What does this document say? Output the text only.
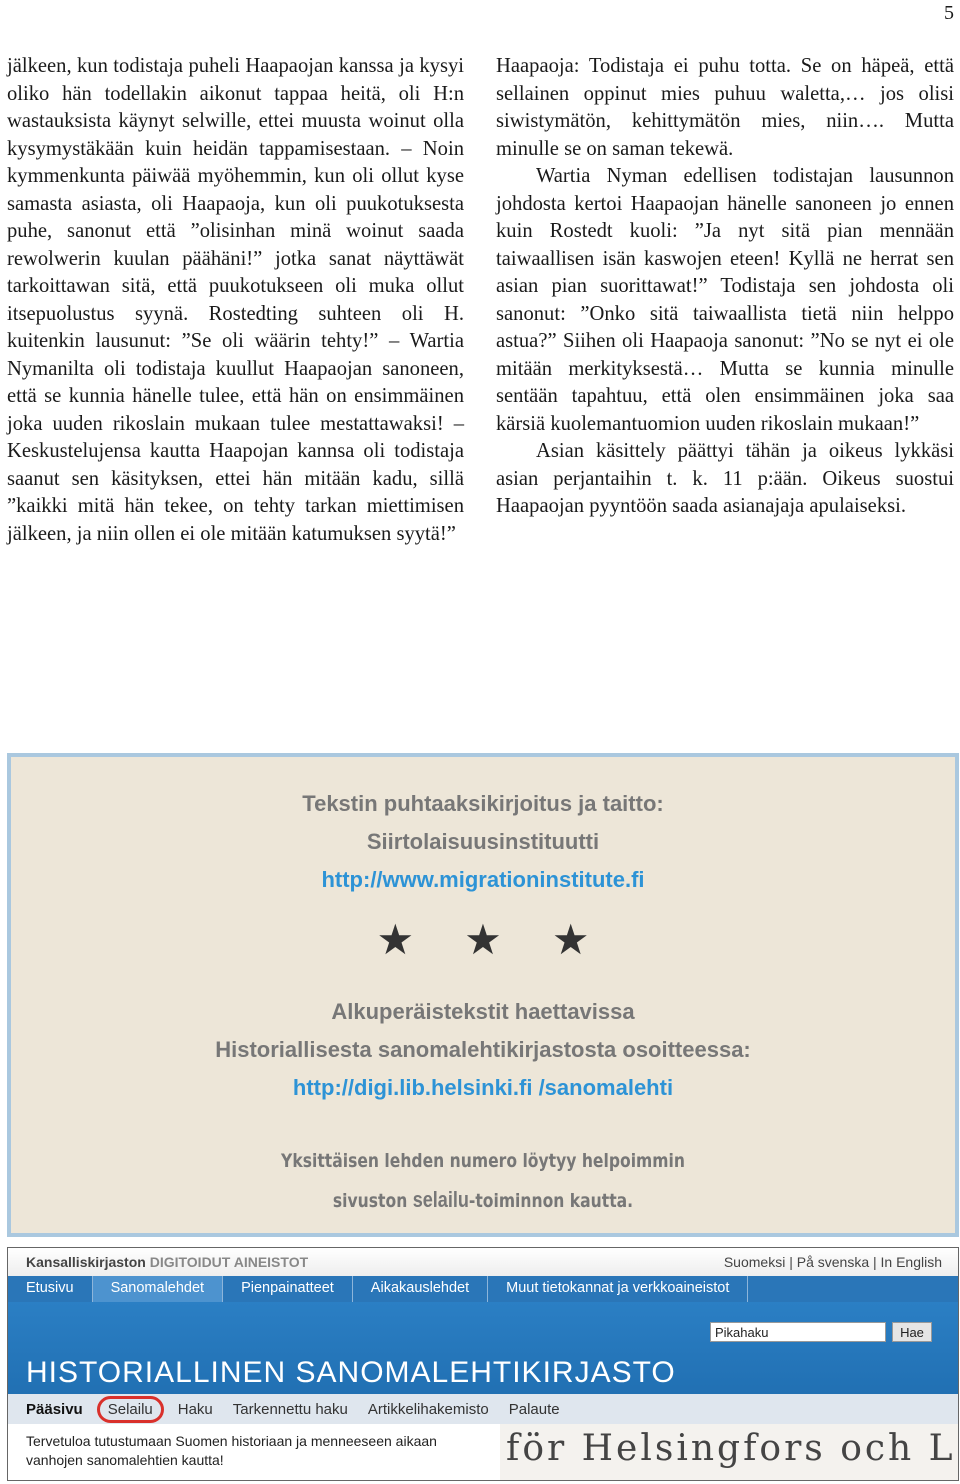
5

jälkeen, kun todistaja puheli Haapaojan kanssa ja kysyi oliko hän todellakin aikonut tappaa heitä, oli H:n wastauksista käynyt selwille, ettei muusta woinut olla kysymystäkään kuin heidän tappamisestaan. – Noin kymmenkunta päiwää myöhemmin, kun oli ollut kyse samasta asiasta, oli Haapaoja, kun oli puukotuksesta puhe, sanonut että ”olisinhan minä woinut saada rewolwerin kuulan päähäni!” jotka sanat näyttäwät tarkoittawan sitä, että puukotukseen oli muka ollut itsepuolustus syynä. Rostedting suhteen oli H. kuitenkin lausunut: ”Se oli wäärin tehty!” – Wartia Nymanilta oli todistaja kuullut Haapaojan sanoneen, että se kunnia hänelle tulee, että hän on ensimmäinen joka uuden rikoslain mukaan tulee mestattawaksi! – Keskustelujensa kautta Haapojan kannsa oli todistaja saanut sen käsityksen, ettei hän mitään kadu, sillä ”kaikki mitä hän tekee, on tehty tarkan miettimisen jälkeen, ja niin ollen ei ole mitään katumuksen syytä!”

Haapaoja: Todistaja ei puhu totta. Se on häpeä, että sellainen oppinut mies puhuu waletta,… jos olisi siwistymätön, kehittymätön mies, niin…. Mutta minulle se on saman tekewä.

Wartia Nyman edellisen todistajan lausunnon johdosta kertoi Haapaojan hänelle sanoneen jo ennen kuin Rostedt kuoli: ”Ja nyt sitä pian mennään taiwaallisen isän kaswojen eteen! Kyllä ne herrat sen asian pian suorittawat!” Todistaja sen johdosta oli sanonut: ”Onko sitä taiwaallista tietä niin helppo astua?” Siihen oli Haapaoja sanonut: ”No se nyt ei ole mitään merkityksestä… Mutta se kunnia minulle sentään tapahtuu, että olen ensimmäinen joka saa kärsiä kuolemantuomion uuden rikoslain mukaan!”

Asian käsittely päättyi tähän ja oikeus lykkäsi asian perjantaihin t. k. 11 p:ään. Oikeus suostui Haapaojan pyyntöön saada asianajaja apulaiseksi.

Tekstin puhtaaksikirjoitus ja taitto:
Siirtolaisuusinstituutti
http://www.migrationinstitute.fi
★★★
Alkuperäistekstit haettavissa
Historiallisesta sanomalehtikirjastosta osoitteessa:
http://digi.lib.helsinki.fi /sanomalehti
Yksittäisen lehden numero löytyy helpoimmin
sivuston selailu-toiminnon kautta.
Kansalliskirjaston DIGITOIDUT AINEISTOT	Suomeksi | På svenska | In English
Etusivu	Sanomalehdet	Pienpainatteet	Aikakauslehdet	Muut tietokannat ja verkkoaineistot
Pikahaku	Hae
HISTORIALLINEN SANOMALEHTIKIRJASTO
Pääsivu	Selailu	Haku	Tarkennettu haku	Artikkelihakemisto	Palaute
Tervetuloa tutustumaan Suomen historiaan ja menneeseen aikaan vanhojen sanomalehtien kautta!	för Helsingfors och L
